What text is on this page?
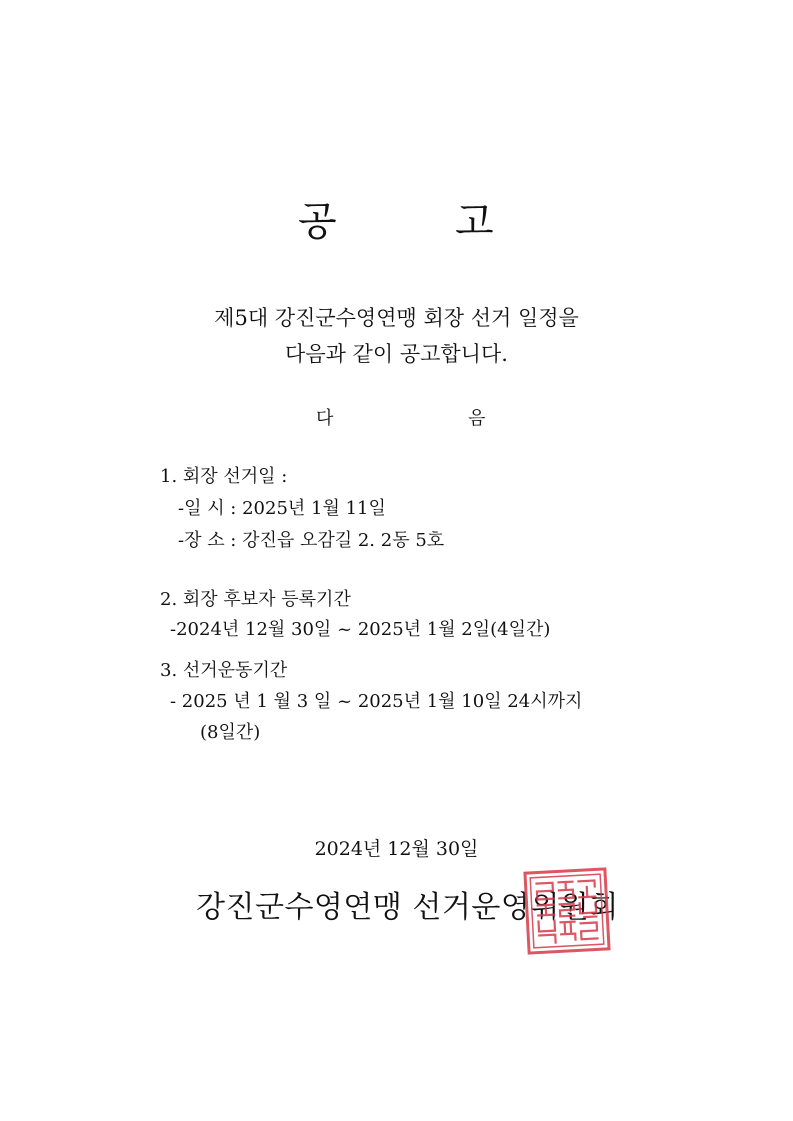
공	고
제5대 강진군수영연맹 회장 선거 일정을
다음과 같이 공고합니다.
다	음
1. 회장 선거일 :
-일 시 : 2025년 1월 11일
-장 소 : 강진읍 오감길 2. 2동 5호
2. 회장 후보자 등록기간
-2024년 12월 30일 ~ 2025년 1월 2일(4일간)
3. 선거운동기간
- 2025 년 1 월 3 일 ~ 2025년 1월 10일 24시까지
(8일간)
2024년 12월 30일
강진군수영연맹 선거운영위원회
